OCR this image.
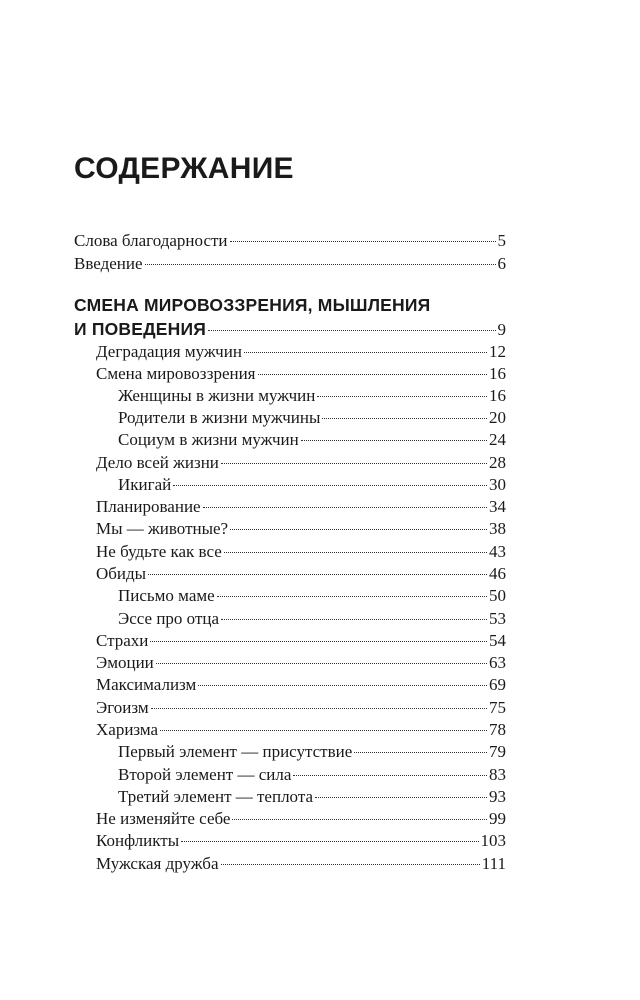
СОДЕРЖАНИЕ
Слова благодарности	5
Введение	6
СМЕНА МИРОВОЗЗРЕНИЯ, МЫШЛЕНИЯ
И ПОВЕДЕНИЯ	9
Деградация мужчин	12
Смена мировоззрения	16
Женщины в жизни мужчин	16
Родители в жизни мужчины	20
Социум в жизни мужчин	24
Дело всей жизни	28
Икигай	30
Планирование	34
Мы — животные?	38
Не будьте как все	43
Обиды	46
Письмо маме	50
Эссе про отца	53
Страхи	54
Эмоции	63
Максимализм	69
Эгоизм	75
Харизма	78
Первый элемент — присутствие	79
Второй элемент — сила	83
Третий элемент — теплота	93
Не изменяйте себе	99
Конфликты	103
Мужская дружба	111
